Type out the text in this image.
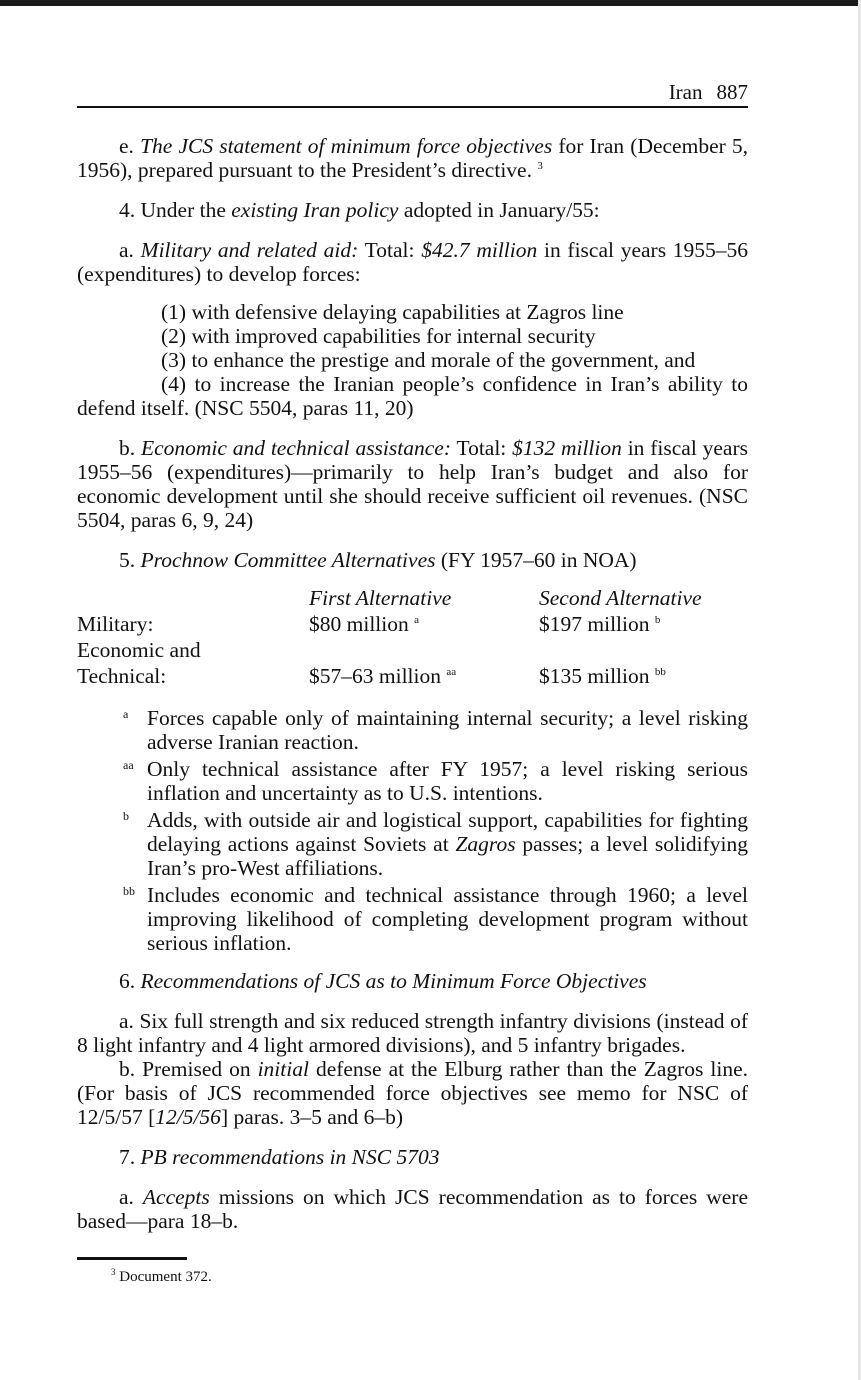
Iran 887

e. The JCS statement of minimum force objectives for Iran (December 5, 1956), prepared pursuant to the President’s directive. $^3$

4. Under the existing Iran policy adopted in January/55:

a. Military and related aid: Total: $42.7 million in fiscal years 1955–56 (expenditures) to develop forces:

(1) with defensive delaying capabilities at Zagros line

(2) with improved capabilities for internal security

(3) to enhance the prestige and morale of the government, and

(4) to increase the Iranian people’s confidence in Iran’s ability to defend itself. (NSC 5504, paras 11, 20)

b. Economic and technical assistance: Total: $132 million in fiscal years 1955–56 (expenditures)—primarily to help Iran’s budget and also for economic development until she should receive sufficient oil revenues. (NSC 5504, paras 6, 9, 24)

5. Prochnow Committee Alternatives (FY 1957–60 in NOA)

First Alternative	Second Alternative
Military:	$80 million $^a$	$197 million $^b$
Economic and
Technical:	$57–63 million $^{aa}$	$135 million $^{bb}$

a Forces capable only of maintaining internal security; a level risking adverse Iranian reaction.

aa Only technical assistance after FY 1957; a level risking serious inflation and uncertainty as to U.S. intentions.

b Adds, with outside air and logistical support, capabilities for fighting delaying actions against Soviets at Zagros passes; a level solidifying Iran’s pro-West affiliations.

bb Includes economic and technical assistance through 1960; a level improving likelihood of completing development program without serious inflation.

6. Recommendations of JCS as to Minimum Force Objectives

a. Six full strength and six reduced strength infantry divisions (instead of 8 light infantry and 4 light armored divisions), and 5 infantry brigades.

b. Premised on initial defense at the Elburg rather than the Zagros line. (For basis of JCS recommended force objectives see memo for NSC of 12/5/57 [12/5/56] paras. 3–5 and 6–b)

7. PB recommendations in NSC 5703

a. Accepts missions on which JCS recommendation as to forces were based—para 18–b.

$^3$ Document 372.
